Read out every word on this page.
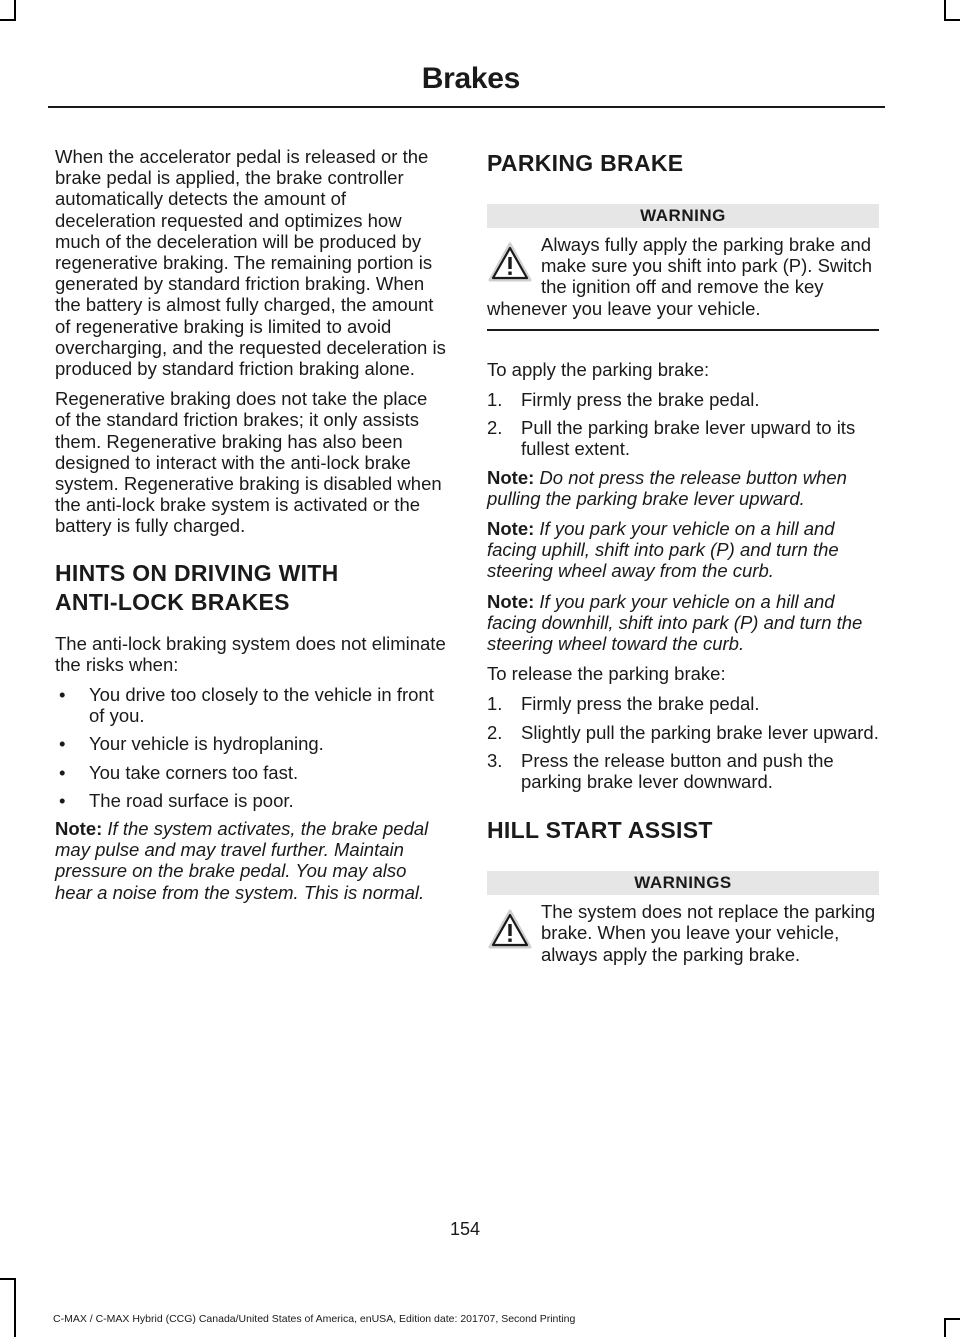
Brakes

When the accelerator pedal is released or the brake pedal is applied, the brake controller automatically detects the amount of deceleration requested and optimizes how much of the deceleration will be produced by regenerative braking. The remaining portion is generated by standard friction braking. When the battery is almost fully charged, the amount of regenerative braking is limited to avoid overcharging, and the requested deceleration is produced by standard friction braking alone.

Regenerative braking does not take the place of the standard friction brakes; it only assists them. Regenerative braking has also been designed to interact with the anti-lock brake system. Regenerative braking is disabled when the anti-lock brake system is activated or the battery is fully charged.

HINTS ON DRIVING WITH
ANTI-LOCK BRAKES

The anti-lock braking system does not eliminate the risks when:

• You drive too closely to the vehicle in front of you.
• Your vehicle is hydroplaning.
• You take corners too fast.
• The road surface is poor.

Note: If the system activates, the brake pedal may pulse and may travel further. Maintain pressure on the brake pedal. You may also hear a noise from the system. This is normal.

PARKING BRAKE
WARNING
Always fully apply the parking brake and make sure you shift into park (P). Switch the ignition off and remove the key whenever you leave your vehicle.

To apply the parking brake:

1. Firmly press the brake pedal.
2. Pull the parking brake lever upward to its fullest extent.

Note: Do not press the release button when pulling the parking brake lever upward.

Note: If you park your vehicle on a hill and facing uphill, shift into park (P) and turn the steering wheel away from the curb.

Note: If you park your vehicle on a hill and facing downhill, shift into park (P) and turn the steering wheel toward the curb.

To release the parking brake:

1. Firmly press the brake pedal.
2. Slightly pull the parking brake lever upward.
3. Press the release button and push the parking brake lever downward.
HILL START ASSIST
WARNINGS
The system does not replace the parking brake. When you leave your vehicle, always apply the parking brake.
154
C-MAX / C-MAX Hybrid (CCG) Canada/United States of America, enUSA, Edition date: 201707, Second Printing
